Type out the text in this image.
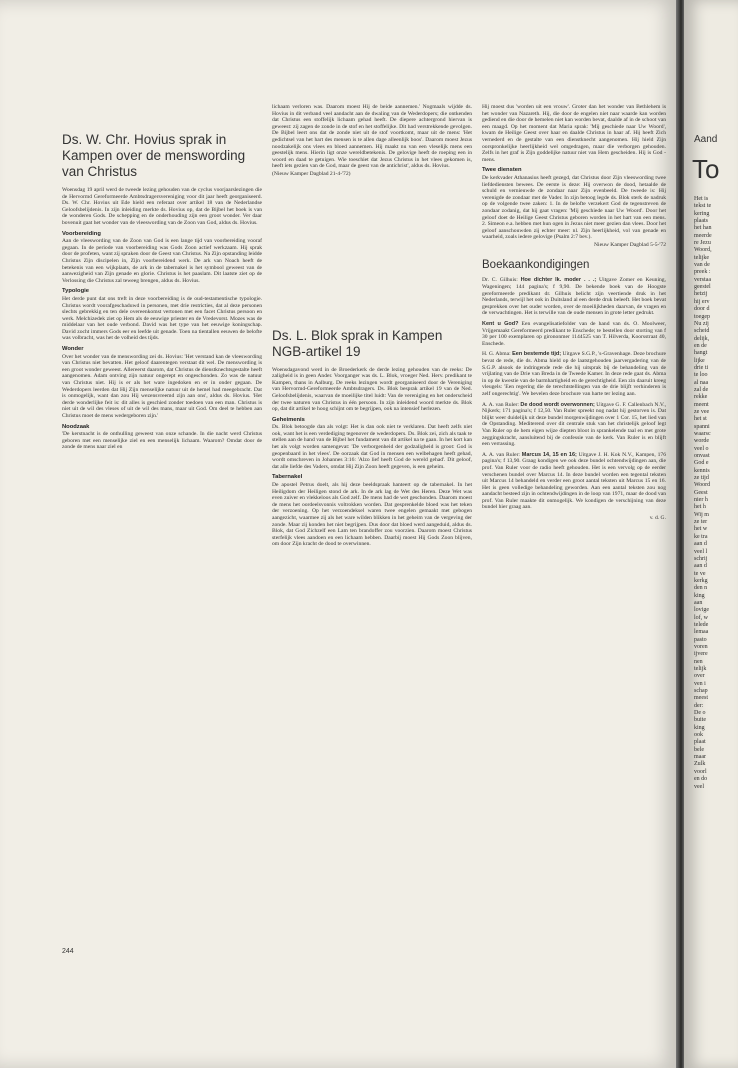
Ds. W. Chr. Hovius sprak in Kampen over de menswording van Christus

Woensdag 19 april werd de tweede lezing gehouden van de cyclus voorjaarslezingen die de Hervormd Gereformeerde Ambtsdragersvereniging voor dit jaar heeft georganiseerd. Ds. W. Chr. Hovius uit Ede hield een referaat over artikel 18 van de Nederlandse Geloofsbelijdenis. In zijn inleiding merkte ds. Hovius op, dat de Bijbel het boek is van de wonderen Gods. De schepping en de onderhouding zijn een groot wonder. Ver daar bovenuit gaat het wonder van de vleeswording van de Zoon van God, aldus ds. Hovius.

Voorbereiding

Aan de vleeswording van de Zoon van God is een lange tijd van voorbereiding vooraf gegaan. In de periode van voorbereiding was Gods Zoon actief werkzaam. Hij sprak door de profeten, want zij spraken door de Geest van Christus. Na Zijn opstanding leidde Christus Zijn discipelen in, Zijn voorbereidend werk. De ark van Noach heeft de betekenis van een wijkplaats, de ark in de tabernakel is het symbool geweest van de aanwezigheid van Zijn genade en glorie. Christus is het paaslam. Dit laatste ziet op de Verlossing die Christus zal teweeg brengen, aldus ds. Hovius.

Typologie

Het derde punt dat ons treft in deze voorbereiding is de oud-testamentische typologie. Christus wordt voorafgeschaduwd in personen, met drie restricties, dat al deze personen slechts gebrekkig en ten dele overeenkomst vertonen met een facet Christus persoon en werk. Melchizedek ziet op Hem als de eeuwige priester en de Vredevorst. Mozes was de middelaar van het oude verbond. David was het type van het eeuwige koningschap. David zocht immers Gods eer en leefde uit genade. Toen na tientallen eeuwen de belofte was volbracht, was het de volheid des tijds.

Wonder

Over het wonder van de menswording zei ds. Hovius: 'Het verstand kan de vleeswording van Christus niet bevatten. Het geloof daarentegen verstaat dit wel. De menswording is een groot wonder geweest. Allereerst daarom, dat Christus de dienstknechtsgestalte heeft aangenomen. Adam ontving zijn natuur ongerept en ongeschonden. Zo was de natuur van Christus niet. Hij is er als het ware ingedoken en er in onder gegaan. De Wederdopers leerden dat Hij Zijn menselijke natuur uit de hemel had meegebracht. Dat is onmogelijk, want dan zou Hij wezensvreemd zijn aan ons', aldus ds. Hovius. 'Het derde wonderlijke feit is: dit alles is geschied zonder toedoen van een man. Christus is niet uit de wil des vleses of uit de wil des mans, maar uit God. Om deel te hebben aan Christus moet de mens wedergeboren zijn.'

Noodzaak

'De kerstnacht is de onthulling geweest van onze schande. In die nacht werd Christus geboren met een menselijke ziel en een menselijk lichaam. Waarom? Omdat door de zonde de mens naar ziel en

lichaam verloren was. Daarom moest Hij de beide aannemen.' Nogmaals wijdde ds. Hovius in dit verband veel aandacht aan de dwaling van de Wederdopers; die ontkenden dat Christus een stoffelijk lichaam gehad heeft. De diepere achtergrond hiervan is geweest: zij zagen de zonde in de stof en het stoffelijke. Dit had verstrekkende gevolgen. De Bijbel leert ons dat de zonde niet uit de stof voortkomt, maar uit de mens: 'Het gedichtsel van het hart des mensen is te allen dage alleenlijk boos'. Daarom moest Jezus noodzakelijk ons vlees en bloed aannemen. Hij maakt nu van een vleselijk mens een geestelijk mens. Hierin ligt onze wereldbetekenis. De gelovige heeft de roeping een in woord en daad te getuigen. Wie toeschiet dat Jezus Christus in het vlees gekomen is, heeft iets gezien van de God, maar de geest van de antichrist', aldus ds. Hovius.

(Nieuw Kamper Dagblad 21-4-'72)

Ds. L. Blok sprak in Kampen NGB-artikel 19

Woensdagavond werd in de Broederkerk de derde lezing gehouden van de reeks: De zaligheid is in geen Ander. Voorganger was ds. L. Blok, vroeger Ned. Herv. predikant te Kampen, thans in Aalburg. De reeks lezingen wordt georganiseerd door de Vereniging van Hervormd-Gereformeerde Ambtsdragers. Ds. Blok besprak artikel 19 van de Ned. Geloofsbelijdenis, waarvan de moeilijke titel luidt: Van de vereniging en het onderscheid der twee naturen van Christus in één persoon. In zijn inleidend woord merkte ds. Blok op, dat dit artikel te hoog schijnt om te begrijpen, ook na intensief herlezen.

Geheimenis

Ds. Blok betoogde dan als volgt: Het is dan ook niet te verklaren. Dat heeft zelfs niet ook, want het is een verdediging tegenover de wederdopers. Ds. Blok zei, zich als taak te stellen aan de hand van de Bijbel het fundament van dit artikel na te gaan. In het kort kan het als volgt worden samengevat: 'De verborgenheid der godzaligheid is groot: God is geopenbaard in het vlees'. De oorzaak dat God in mensen een welbehagen heeft gehad, wordt omschreven in Johannes 3:16: 'Alzo lief heeft God de wereld gehad'. Dit geloof, dat alle liefde des Vaders, omdat Hij Zijn Zoon heeft gegeven, is een geheim.

Tabernakel

De apostel Petrus doelt, als hij deze beeldspraak hanteert op de tabernakel. In het Heiligdom der Heiligen stond de ark. In de ark lag de Wet des Heren. Deze Wet was even zuiver en vlekkeloos als God zelf. De mens had de wet geschonden. Daarom moest de mens het oordeelsvonnis voltrokken worden. Dat gesprenkelde bloed was het teken der verzoening. Op het verzoendeksel waren twee engelen gemaakt met gebogen aangezicht, waarmee zij als het ware wilden blikken in het geheim van de vergeving der zonde. Maar zij konden het niet begrijpen. Dus door dat bloed werd aangeduid, aldus ds. Blok, dat God Zichzelf een Lam ten brandoffer zou voorzien. Daarom moest Christus sterfelijk vlees aandoen en een lichaam hebben. Daarbij moest Hij Gods Zoon blijven, om door Zijn kracht de dood te overwinnen.

Hij moest dus 'worden uit een vrouw'. Groter dan het wonder van Bethlehem is het wonder van Nazareth. Hij, die door de engelen niet naar waarde kan worden gediend en die door de hemelen niet kan worden bevat, daalde af in de schoot van een maagd. Op het moment dat Maria sprak: 'Mij geschiede naar Uw Woord', kwam de Heilige Geest over haar en daalde Christus in haar af. Hij heeft Zich vernederd en de gestalte van een dienstknecht aangenomen. Hij hield Zijn oorspronkelijke heerlijkheid wel omgedragen, maar die verborgen gehouden. Zelfs in het graf is Zijn goddelijke natuur niet van Hem gescheiden. Hij is God - mens.

Twee diensten

De kerkvader Athanasius heeft gezegd, dat Christus door Zijn vleeswording twee liefdediensten bewees. De eerste is deze: Hij overwon de dood, hetaalde de schuld en vernieuwde de zondaar naar Zijn evenbeeld. De tweede is: Hij verenigde de zondaar met de Vader. In zijn betoog legde ds. Blok sterk de nadruk op de volgende twee zaken: 1. In de belofte verzekert God de tegenstreven de zondaar zodanig, dat hij gaat vragen: 'Mij geschiede naar Uw Woord'. Door het geloof doet de Heilige Geest Christus geboren worden in het hart van een mens. 2. Simeon e.a. hebben met hun ogen in Jezus niet meer gezien dan vlees. Door het geloof aanschouwden zij echter meer: nl. Zijn heerlijkheid, vol van genade en waarheid, zoals iedere gelovige (Psalm 2:7 bev.).

Nieuw Kamper Dagblad 5-5-'72

Boekaankondigingen

Dr. C. Gilhuis: Hoe dichter lk. moder . . .; Uitgave Zomer en Keuning, Wageningen; 144 pagina's; f 9,90. De bekende boek van de Hoogste gereformeerde predikant dr. Gilhuis belicht zijn veertiende druk in het Nederlands, terwijl het ook in Duitsland al een derde druk beleeft. Het boek bevat gesprekken over het ouder worden, over de moeilijkheden daarvan, de vragen en de verwachtingen. Het is terwille van de oude mensen in grote letter gedrukt.

Kent u God? Een evangelisatiefolder van de hand van ds. O. Moolweer, Vrijgemaakt Gereformeerd predikant te Enschede; te bestellen door storting van f 30 per 100 exemplaren op girononmer 1144525 van T. Hilverda, Koorsstraat 40, Enschede.

H. G. Abma: Een bestemde tijd; Uitgave S.G.P., 's-Gravenhage. Deze brochure bevat de rede, die ds. Abma hield op de laatstgehouden jaarvergadering van de S.G.P. alsook de indringende rede die hij uitsprak bij de behandeling van de vrijlating van de Drie van Breda in de Tweede Kamer. In deze rede gaat ds. Abma in op de kwestie van de barmhartigheid en de gerechtigheid. Een zin daaruit kreeg vleugels: 'Een regering die de terechtstellingen van de drie blijft verhinderen is zelf ongerechtig'. We bevelen deze brochure van harte ter lezing aan.

A. A. van Ruler: De dood wordt overwonnen; Uitgave G. F. Callenbach N.V., Nijkerk; 171 pagina's; f 12,50. Van Ruler spreekt nog nadat hij gestorven is. Dat blijkt weer duidelijk uit deze bundel morgenwijdingen over 1 Cor. 15, het lied van de Opstanding. Mediterend over dit centrale stuk van het christelijk geloof legt Van Ruler op de hem eigen wijze diepten bloot in sprankelende taal en met grote zeggingskracht, aansluitend bij de confessie van de kerk. Van Ruler is en blijft een verrassing.

A. A. van Ruler: Marcus 14, 15 en 16; Uitgave J. H. Kok N.V., Kampen, 176 pagina's; f 13,90. Graag kondigen we ook deze bundel ochtendwijdingen aan, die prof. Van Ruler voor de radio heeft gehouden. Het is een vervolg op de eerder verschenen bundel over Marcus 14. In deze bundel worden een tegental teksten uit Marcus 14 behandeld en verder een groot aantal teksten uit Marcus 15 en 16. Het is geen volledige behandeling geworden. Aan een aantal teksten zou nog aandacht besteed zijn in ochtendwijdingen in de loop van 1971, maar de dood van prof. Van Ruler maakte dit onmogelijk. We kondigen de verschijning van deze bundel hier graag aan.

v. d. G.

244
Aand
To
Het is
tekst te
kering
plaats
het han
meerde
re Jezu
Woord,
telijke
van de
preek :
verstaa
geestel
hetzij
hij erv
door d
toegep
Nu zij
scheid
delijk,
en de
hangt
lijke
drie ti
te loo
al naa
zal de
rekke
meent
ze vee
het st
spanni
waarsc
worde
veel o
onvast
God e
kennis
ze tijd
Woord
Geest
nier h
het h
Wij m
ze ter
het w
ke tra
aan d
veel l
schrij
aan d
te ve
kerkg
den n
king
aan
lovige
lof, w
telede
lemaa
pasto
voren
ijvere
nen
telijk
over
ven i
schap
meest
der:
De o
buite
king
ook
plaat
bele
maar
Zulk
voorl
en do
veel
